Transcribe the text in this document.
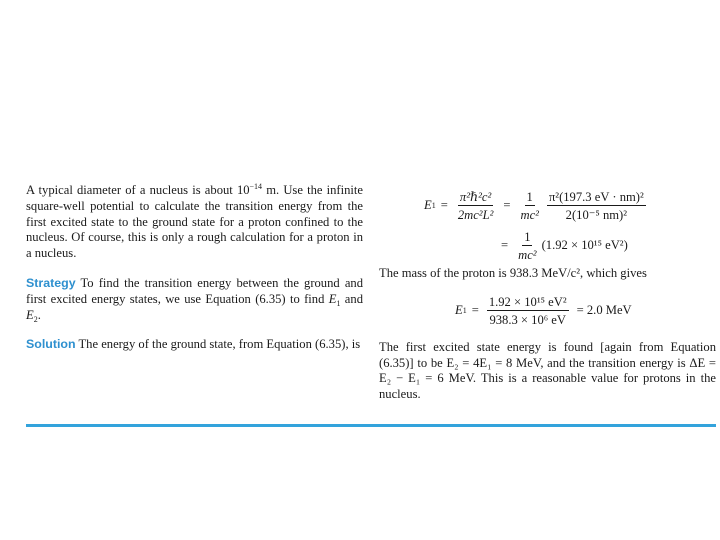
A typical diameter of a nucleus is about $10^{-14}$ m. Use the infinite square-well potential to calculate the transition energy from the first excited state to the ground state for a proton confined to the nucleus. Of course, this is only a rough calculation for a proton in a nucleus.

Strategy To find the transition energy between the ground and first excited energy states, we use Equation (6.35) to find $E_1$ and $E_2$.

Solution The energy of the ground state, from Equation (6.35), is

E $1 = \frac{\text{π²ℏ²c²}}{\text{2mc²L²}} = \frac{1}{\text{mc²}} \frac{\text{π²(197.3 eV · nm)²}}{\text{2(10⁻⁵ nm)²}}$
= $\frac{1}{\text{mc²}} (1.92 \times 10^{15}$ eV²)

The mass of the proton is 938.3 MeV/c², which gives

E $1 = \frac{\text{1.92 × 10¹⁵ eV²}}{\text{938.3 × 10⁶ eV}} = 2.0$ MeV

The first excited state energy is found [again from Equation (6.35)] to be E₂ = 4E₁ = 8 MeV, and the transition energy is ΔE = E₂ − E₁ = 6 MeV. This is a reasonable value for protons in the nucleus.
